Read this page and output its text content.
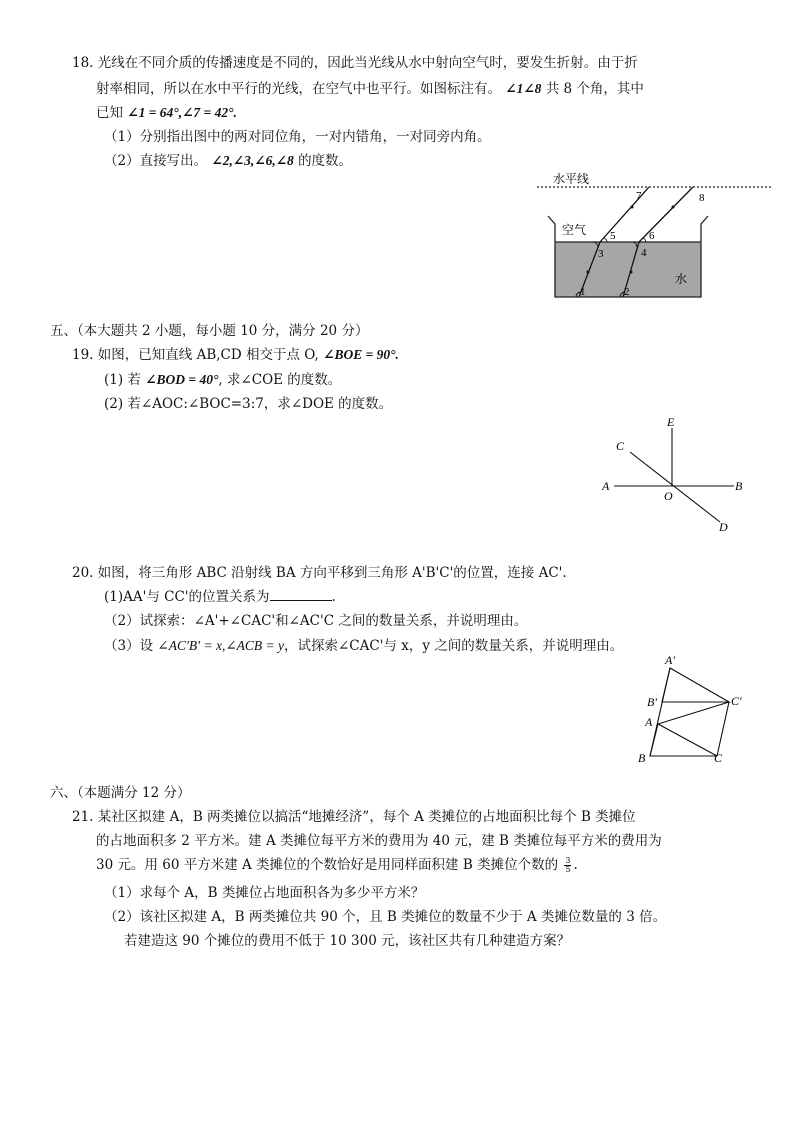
18. 光线在不同介质的传播速度是不同的，因此当光线从水中射向空气时，要发生折射。由于折
射率相同，所以在水中平行的光线，在空气中也平行。如图标注有。 ∠1∠8 共 8 个角，其中
已知 ∠1 = 64°,∠7 = 42°.
（1）分别指出图中的两对同位角，一对内错角，一对同旁内角。
（2）直接写出。 ∠2,∠3,∠6,∠8 的度数。
水平线
空气
水
1	2
3	4
5	6
7	8
五、（本大题共 2 小题，每小题 10 分，满分 20 分）
19. 如图，已知直线 AB,CD 相交于点 O, ∠BOE = 90°.
(1) 若 ∠BOD = 40°, 求∠COE 的度数。
(2) 若∠AOC:∠BOC=3:7，求∠DOE 的度数。
E
C
A
O
B
D
20. 如图，将三角形 ABC 沿射线 BA 方向平移到三角形 A'B'C'的位置，连接 AC'.
(1)AA'与 CC'的位置关系为	.
（2）试探索：∠A'+∠CAC'和∠AC'C 之间的数量关系，并说明理由。
（3）设 ∠AC′B′ = x,∠ACB = y，试探索∠CAC'与 x，y 之间的数量关系，并说明理由。
A′
B′	C′
A
B	C
六、（本题满分 12 分）
21. 某社区拟建 A，B 两类摊位以搞活“地摊经济”，每个 A 类摊位的占地面积比每个 B 类摊位
的占地面积多 2 平方米。建 A 类摊位每平方米的费用为 40 元，建 B 类摊位每平方米的费用为
30 元。用 60 平方米建 A 类摊位的个数恰好是用同样面积建 B 类摊位个数的 $\frac{3}{5}$ .
（1）求每个 A，B 类摊位占地面积各为多少平方米？
（2）该社区拟建 A，B 两类摊位共 90 个，且 B 类摊位的数量不少于 A 类摊位数量的 3 倍。
若建造这 90 个摊位的费用不低于 10 300 元，该社区共有几种建造方案？
